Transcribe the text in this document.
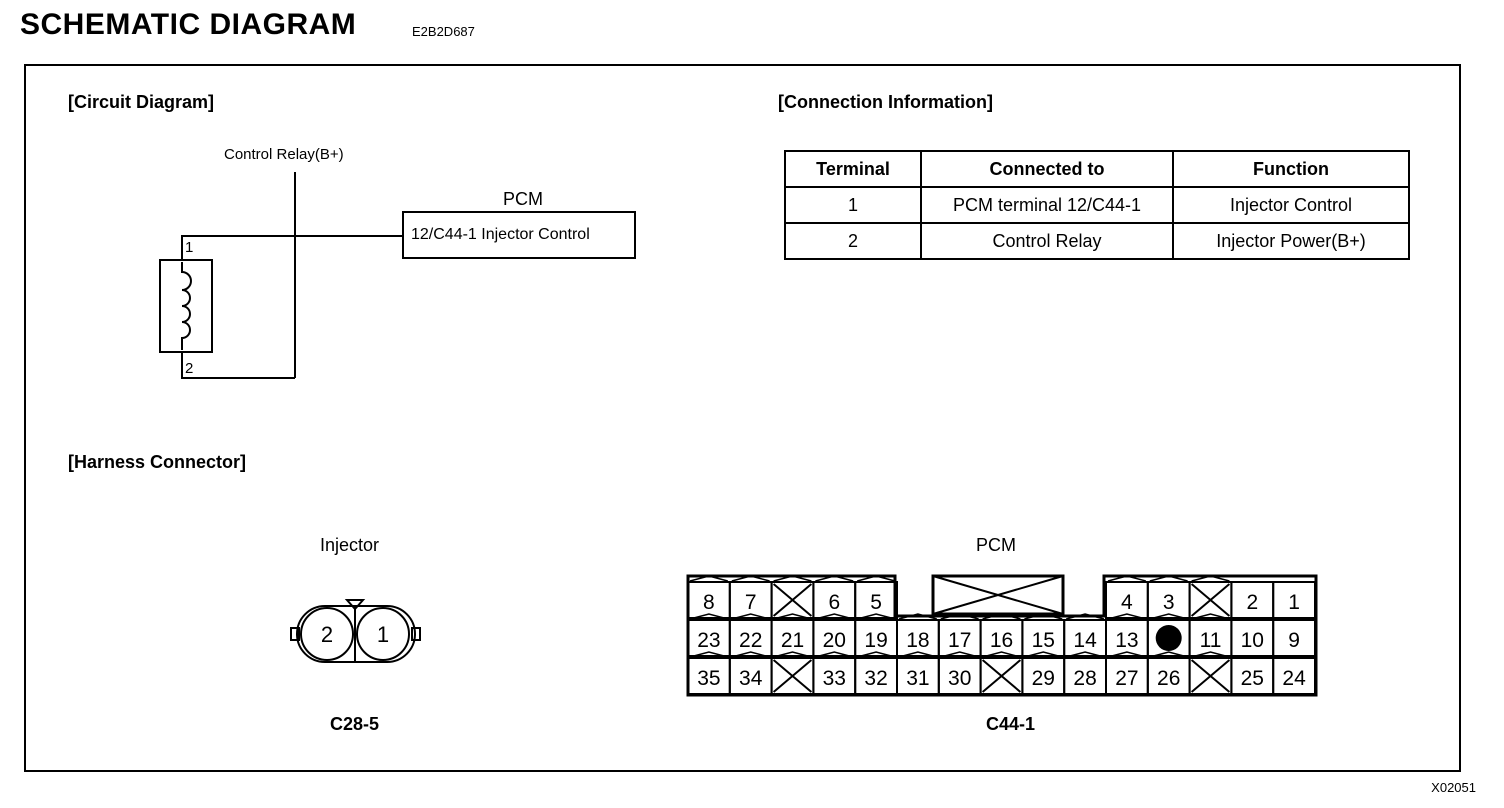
SCHEMATIC DIAGRAM	E2B2D687
[Circuit Diagram]
Control Relay(B+)
PCM
12/C44-1 Injector Control
1
2
[Connection Information]
Terminal	Connected to	Function
1	PCM terminal 12/C44-1	Injector Control
2	Control Relay	Injector Power(B+)
[Harness Connector]
Injector
C28-5
PCM
C44-1
2 1
8 7	6 5	4 3	2 1
23 22 21 20 19 18 17 16 15 14 13	11 10 9
35 34	33 32 31 30	29 28 27 26	25 24
X02051
